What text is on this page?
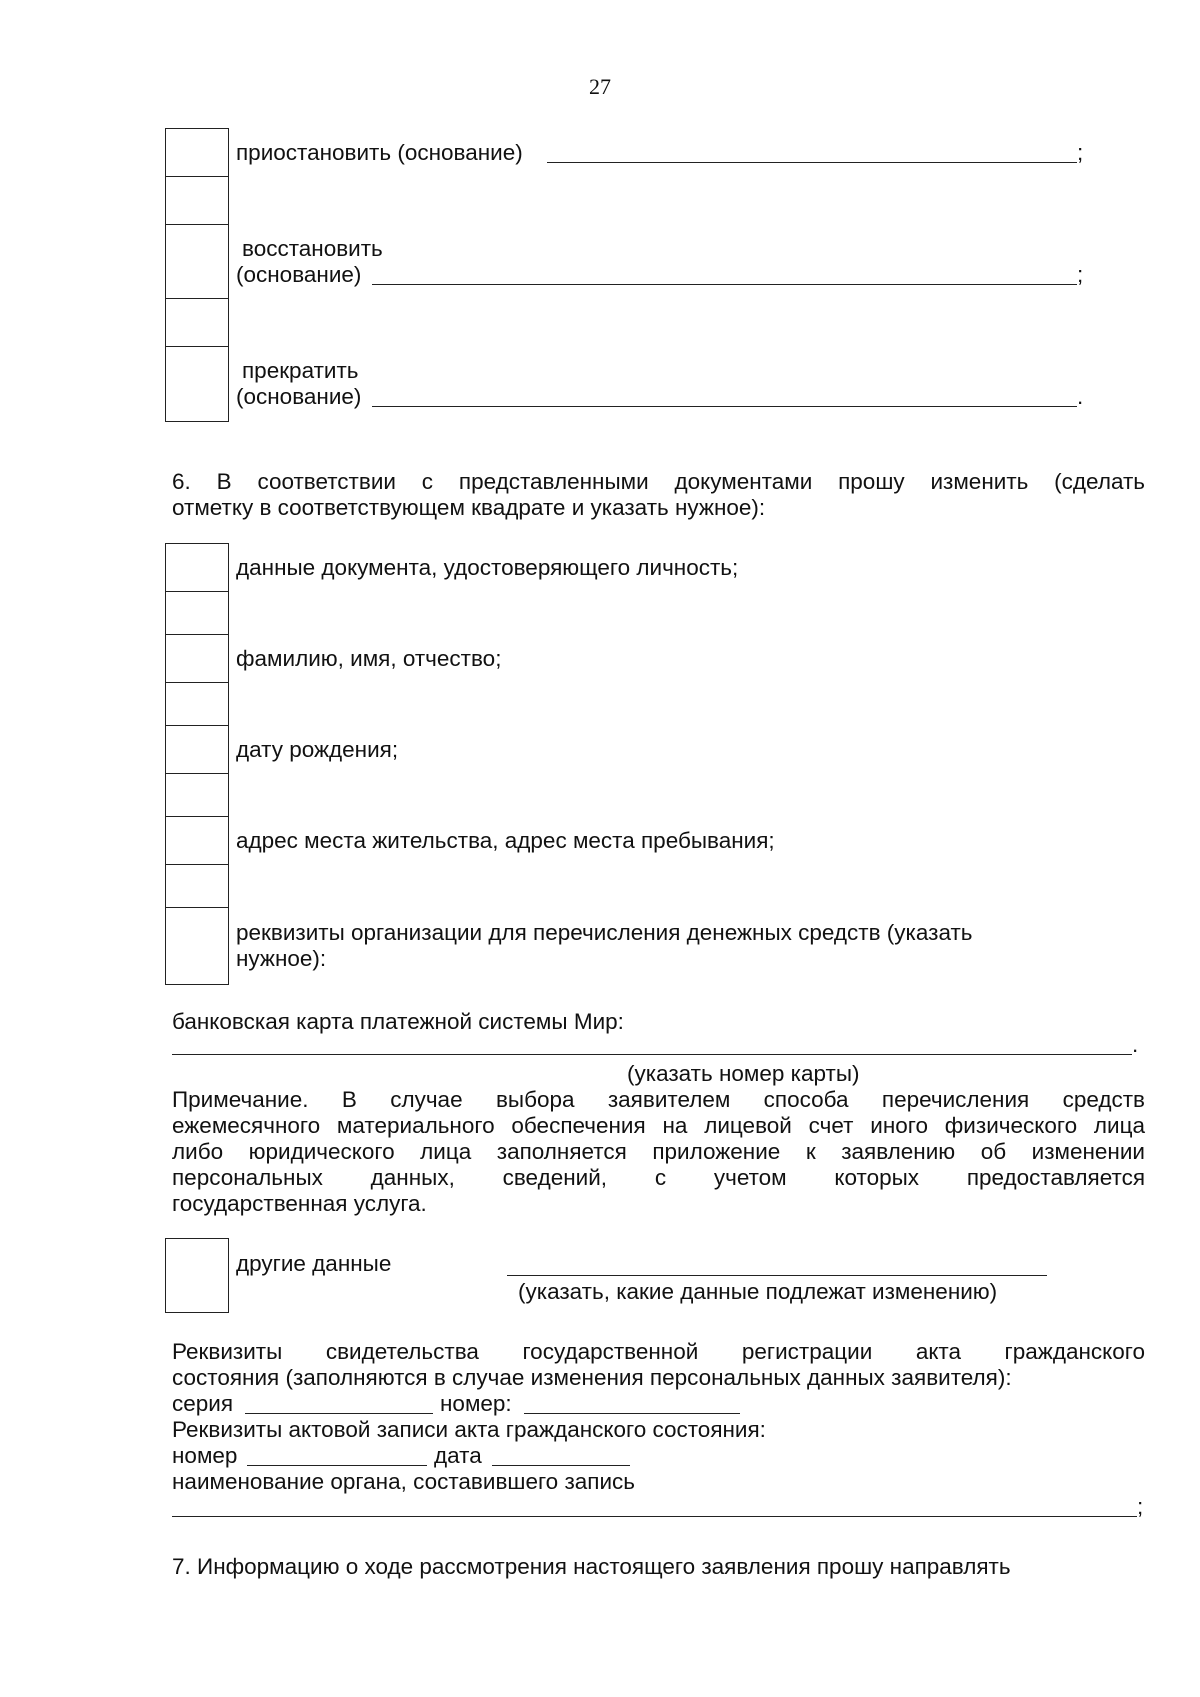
27
приостановить (основание)	;
восстановить
(основание)	;
прекратить
(основание)	.
6. В соответствии с представленными документами прошу изменить (сделать
отметку в соответствующем квадрате и указать нужное):
данные документа, удостоверяющего личность;
фамилию, имя, отчество;
дату рождения;
адрес места жительства, адрес места пребывания;
реквизиты организации для перечисления денежных средств (указать
нужное):
банковская карта платежной системы Мир:
.
(указать номер карты)
Примечание. В случае выбора заявителем способа перечисления средств
ежемесячного материального обеспечения на лицевой счет иного физического лица
либо юридического лица заполняется приложение к заявлению об изменении
персональных данных, сведений, с учетом которых предоставляется
государственная услуга.
другие данные
(указать, какие данные подлежат изменению)
Реквизиты свидетельства государственной регистрации акта гражданского
состояния (заполняются в случае изменения персональных данных заявителя):
серия	номер:
Реквизиты актовой записи акта гражданского состояния:
номер	дата
наименование органа, составившего запись
;
7. Информацию о ходе рассмотрения настоящего заявления прошу направлять
